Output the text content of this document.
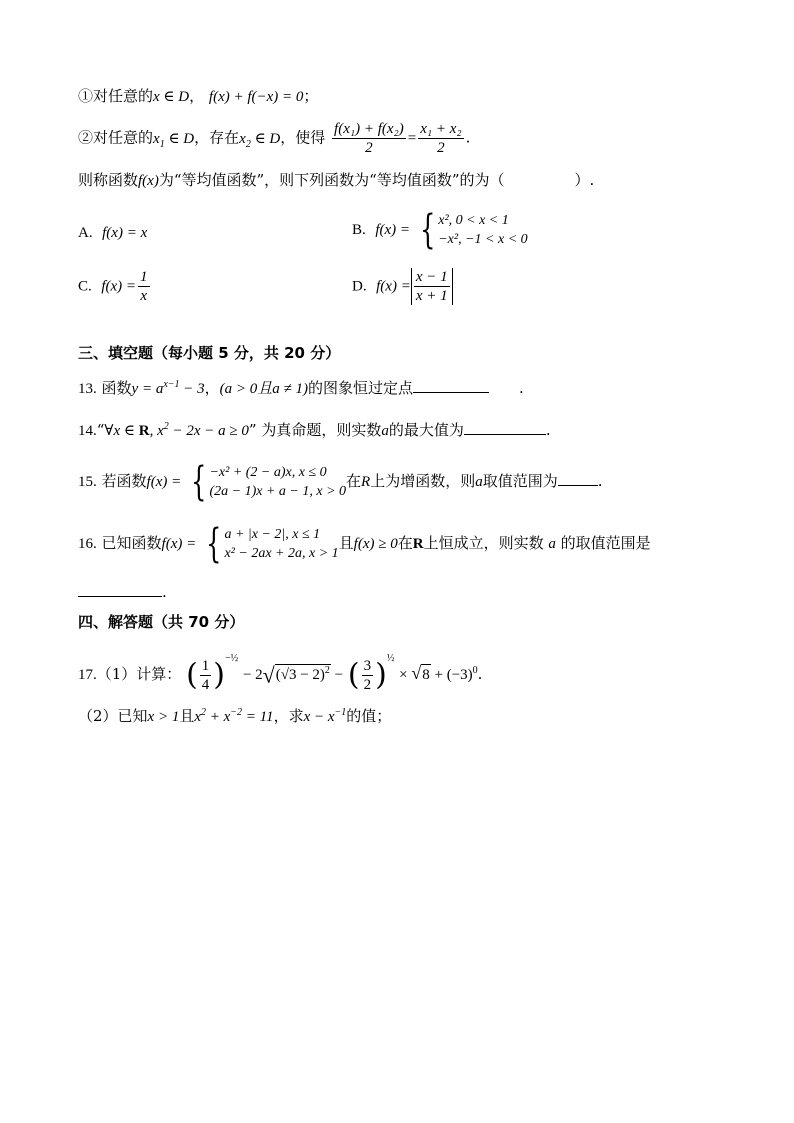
①对任意的x ∈ D， f(x) + f(−x) = 0；
②对任意的$x_1$ ∈ D，存在$x_2$ ∈ D，使得 $\frac{\text{f(x₁) + f(x₂)}}{2} = \frac{\text{x₁ + x₂}}{2}$ .
则称函数f(x)为“等均值函数”，则下列函数为“等均值函数”的为（	）.
A. f(x) = x	B. f(x) = { x², 0 < x < 1
−x², −1 < x < 0
C. $f(x) = \frac{1}{x}$	D. $f(x) = \frac{x - 1}{x + 1}$
三、填空题（每小题 5 分，共 20 分）
13. 函数$y = a^{x-1} - 3$，(a > 0且a ≠ 1)的图象恒过定点	.
14.“∀x ∈ R, $x^2 - 2x - a \ge 0$” 为真命题，则实数a的最大值为	.
15. 若函数f(x) = { −x² + (2 − a)x, x ≤ 0
(2a − 1)x + a − 1, x > 0
在R上为增函数，则a取值范围为	.
16. 已知函数f(x) = { a + |x − 2|, x ≤ 1
x² − 2ax + 2a, x > 1
且f(x) ≥ 0在R上恒成立，则实数 a 的取值范围是
.
四、解答题（共 70 分）
17.（1）计算： ( $\frac{1}{4} )^{-\frac{1}{2}} - 2√(√3 - 2)^2$ − ( $\frac{3}{2} )^{\frac{1}{2}} \times √8 + (-3)^0$.
（2）已知x > 1且$x^2 + x^{-2} = 11$，求$x - x^{-1}$的值；
